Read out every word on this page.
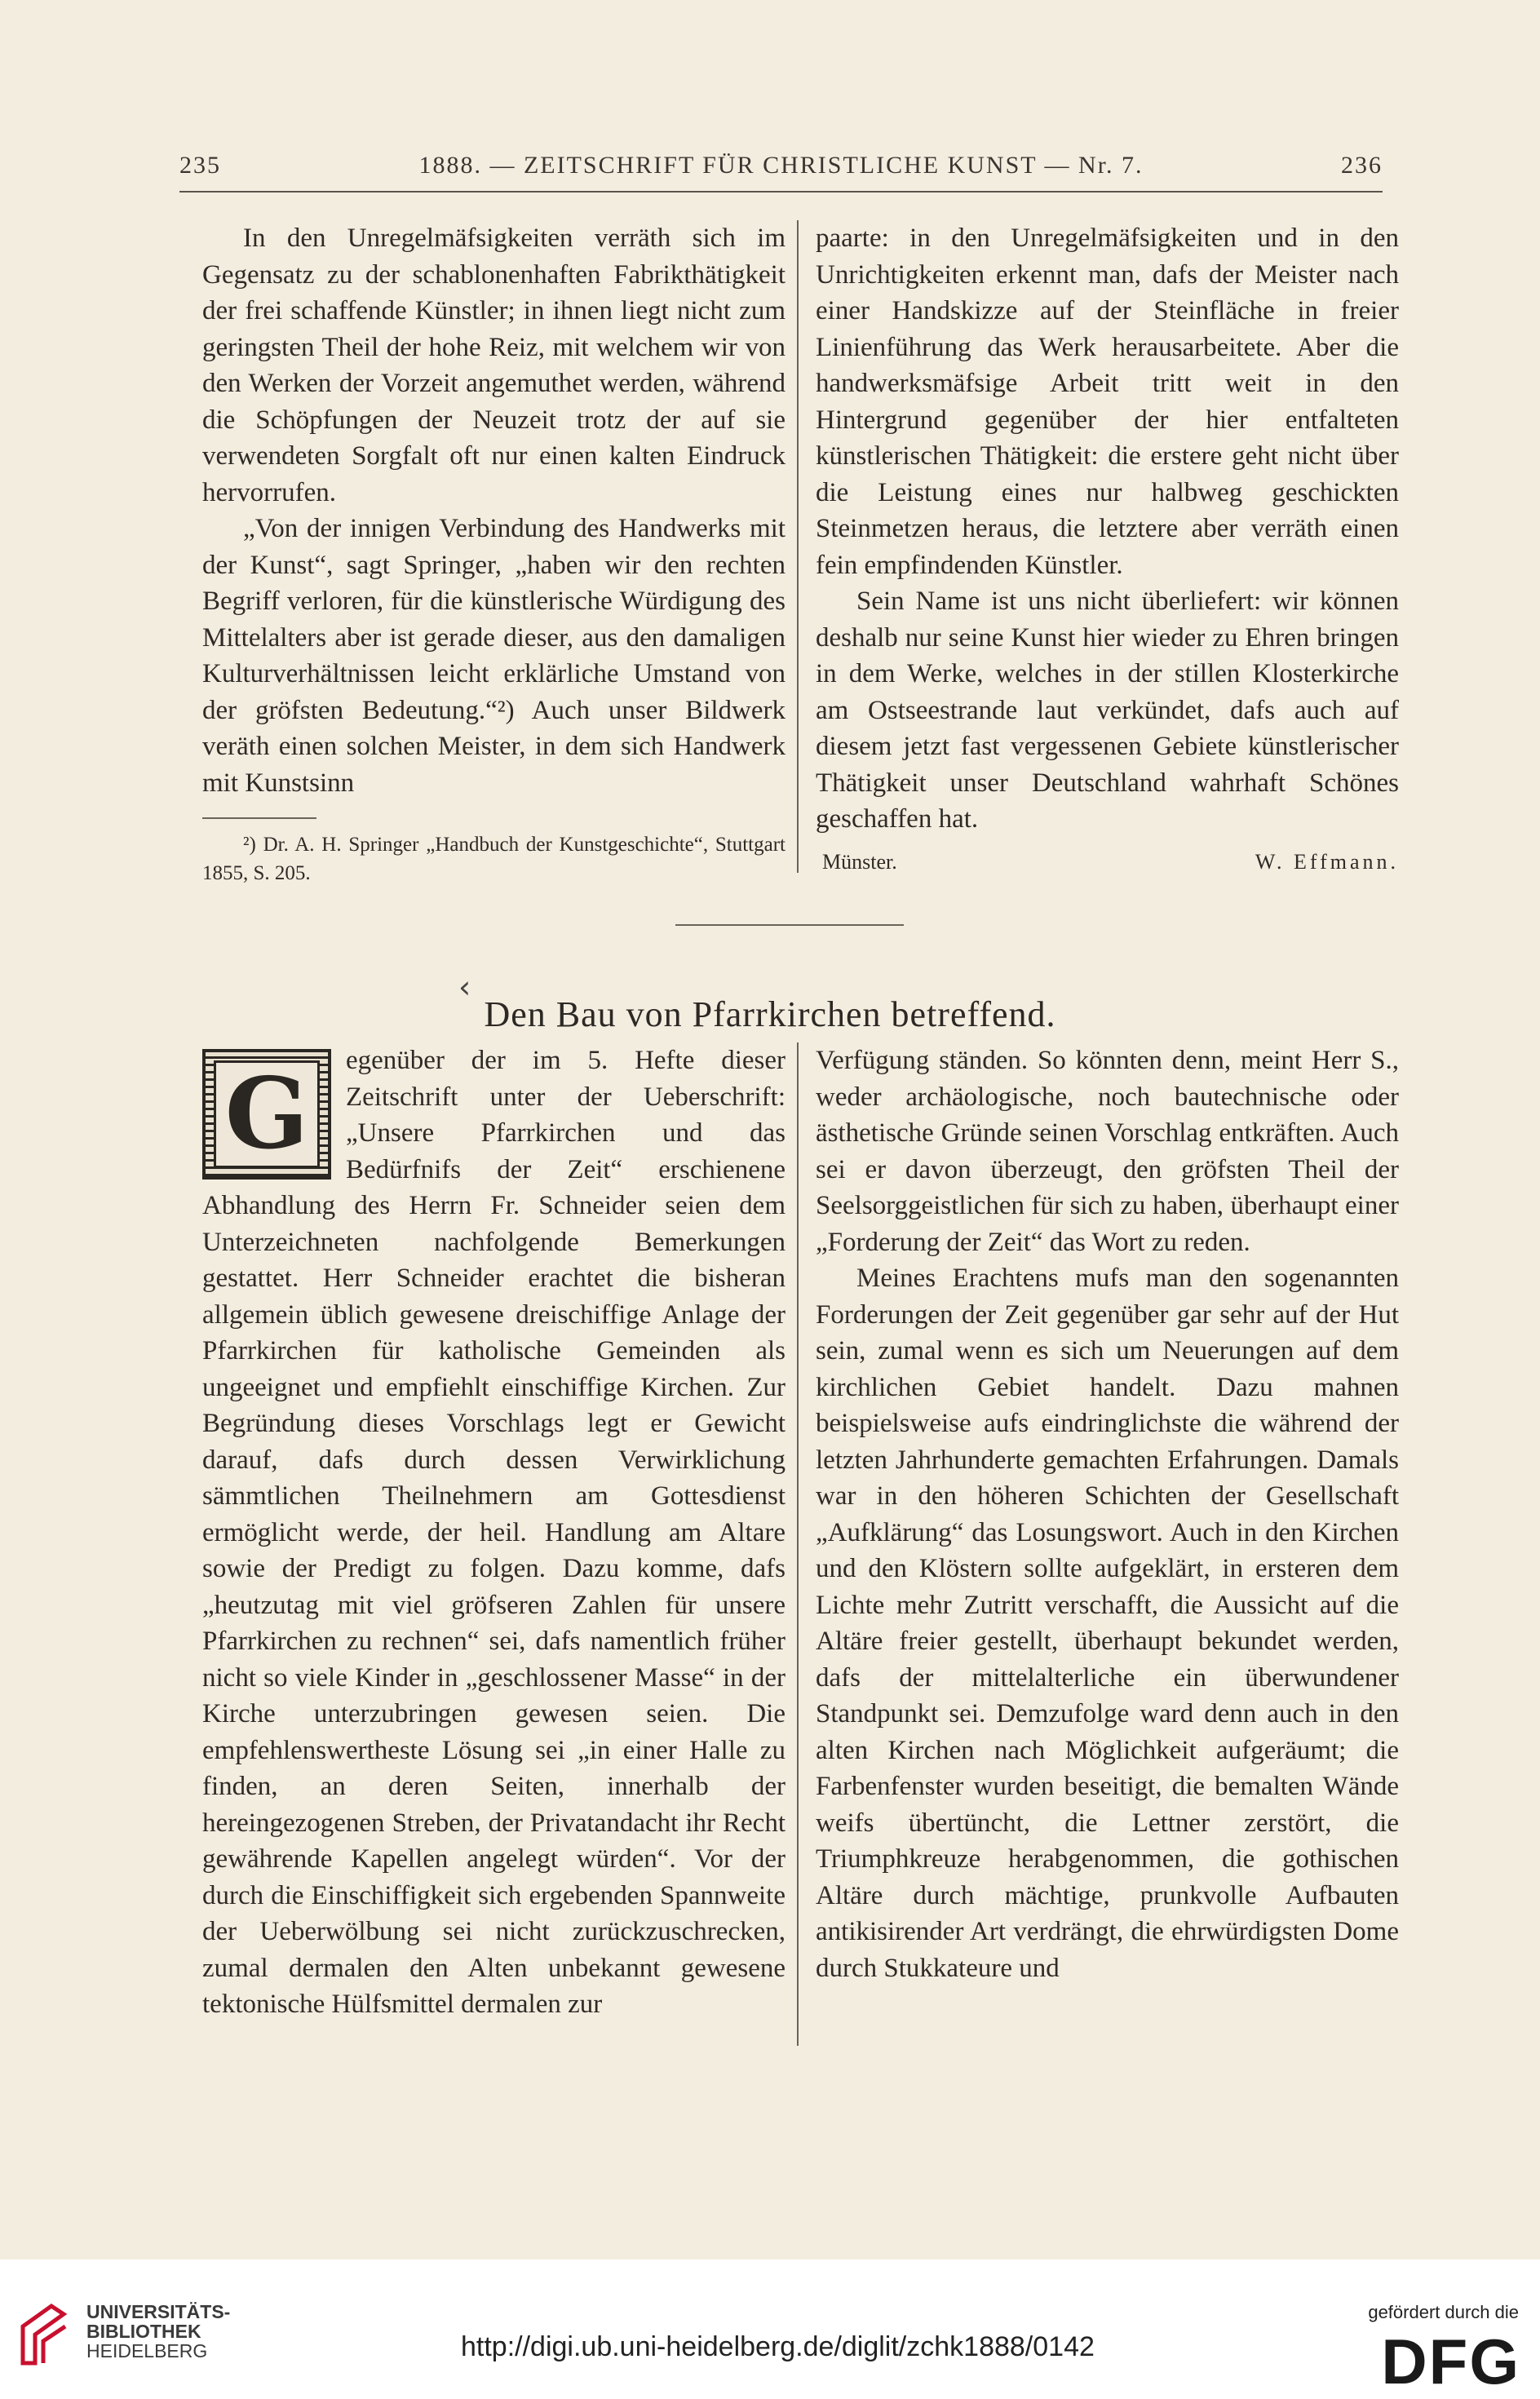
235	1888. — ZEITSCHRIFT FÜR CHRISTLICHE KUNST — Nr. 7.	236

In den Unregelmäfsigkeiten verräth sich im Gegensatz zu der schablonenhaften Fabrikthätigkeit der frei schaffende Künstler; in ihnen liegt nicht zum geringsten Theil der hohe Reiz, mit welchem wir von den Werken der Vorzeit angemuthet werden, während die Schöpfungen der Neuzeit trotz der auf sie verwendeten Sorgfalt oft nur einen kalten Eindruck hervorrufen.

„Von der innigen Verbindung des Handwerks mit der Kunst“, sagt Springer, „haben wir den rechten Begriff verloren, für die künstlerische Würdigung des Mittelalters aber ist gerade dieser, aus den damaligen Kulturverhältnissen leicht erklärliche Umstand von der gröfsten Bedeutung.“²) Auch unser Bildwerk veräth einen solchen Meister, in dem sich Handwerk mit Kunstsinn

²) Dr. A. H. Springer „Handbuch der Kunstgeschichte“, Stuttgart 1855, S. 205.

paarte: in den Unregelmäfsigkeiten und in den Unrichtigkeiten erkennt man, dafs der Meister nach einer Handskizze auf der Steinfläche in freier Linienführung das Werk herausarbeitete. Aber die handwerksmäfsige Arbeit tritt weit in den Hintergrund gegenüber der hier entfalteten künstlerischen Thätigkeit: die erstere geht nicht über die Leistung eines nur halbweg geschickten Steinmetzen heraus, die letztere aber verräth einen fein empfindenden Künstler.

Sein Name ist uns nicht überliefert: wir können deshalb nur seine Kunst hier wieder zu Ehren bringen in dem Werke, welches in der stillen Klosterkirche am Ostseestrande laut verkündet, dafs auch auf diesem jetzt fast vergessenen Gebiete künstlerischer Thätigkeit unser Deutschland wahrhaft Schönes geschaffen hat.

Münster.	W. Effmann.
‹
Den Bau von Pfarrkirchen betreffend.
G	egenüber der im 5. Hefte dieser Zeitschrift unter der Ueberschrift: „Unsere Pfarrkirchen und das Bedürfnifs der Zeit“ erschienene Abhandlung des Herrn Fr. Schneider seien dem Unterzeichneten nachfolgende Bemerkungen gestattet. Herr Schneider erachtet die bisheran allgemein üblich gewesene dreischiffige Anlage der Pfarrkirchen für katholische Gemeinden als ungeeignet und empfiehlt einschiffige Kirchen. Zur Begründung dieses Vorschlags legt er Gewicht darauf, dafs durch dessen Verwirklichung sämmtlichen Theilnehmern am Gottesdienst ermöglicht werde, der heil. Handlung am Altare sowie der Predigt zu folgen. Dazu komme, dafs „heutzutag mit viel gröfseren Zahlen für unsere Pfarrkirchen zu rechnen“ sei, dafs namentlich früher nicht so viele Kinder in „geschlossener Masse“ in der Kirche unterzubringen gewesen seien. Die empfehlenswertheste Lösung sei „in einer Halle zu finden, an deren Seiten, innerhalb der hereingezogenen Streben, der Privatandacht ihr Recht gewährende Kapellen angelegt würden“. Vor der durch die Einschiffigkeit sich ergebenden Spannweite der Ueberwölbung sei nicht zurückzuschrecken, zumal dermalen den Alten unbekannt gewesene tektonische Hülfsmittel dermalen zur

Verfügung ständen. So könnten denn, meint Herr S., weder archäologische, noch bautechnische oder ästhetische Gründe seinen Vorschlag entkräften. Auch sei er davon überzeugt, den gröfsten Theil der Seelsorggeistlichen für sich zu haben, überhaupt einer „Forderung der Zeit“ das Wort zu reden.

Meines Erachtens mufs man den sogenannten Forderungen der Zeit gegenüber gar sehr auf der Hut sein, zumal wenn es sich um Neuerungen auf dem kirchlichen Gebiet handelt. Dazu mahnen beispielsweise aufs eindringlichste die während der letzten Jahrhunderte gemachten Erfahrungen. Damals war in den höheren Schichten der Gesellschaft „Aufklärung“ das Losungswort. Auch in den Kirchen und den Klöstern sollte aufgeklärt, in ersteren dem Lichte mehr Zutritt verschafft, die Aussicht auf die Altäre freier gestellt, überhaupt bekundet werden, dafs der mittelalterliche ein überwundener Standpunkt sei. Demzufolge ward denn auch in den alten Kirchen nach Möglichkeit aufgeräumt; die Farbenfenster wurden beseitigt, die bemalten Wände weifs übertüncht, die Lettner zerstört, die Triumphkreuze herabgenommen, die gothischen Altäre durch mächtige, prunkvolle Aufbauten antikisirender Art verdrängt, die ehrwürdigsten Dome durch Stukkateure und

UNIVERSITÄTS-
BIBLIOTHEK
HEIDELBERG	http://digi.ub.uni-heidelberg.de/diglit/zchk1888/0142
gefördert durch die
DFG
